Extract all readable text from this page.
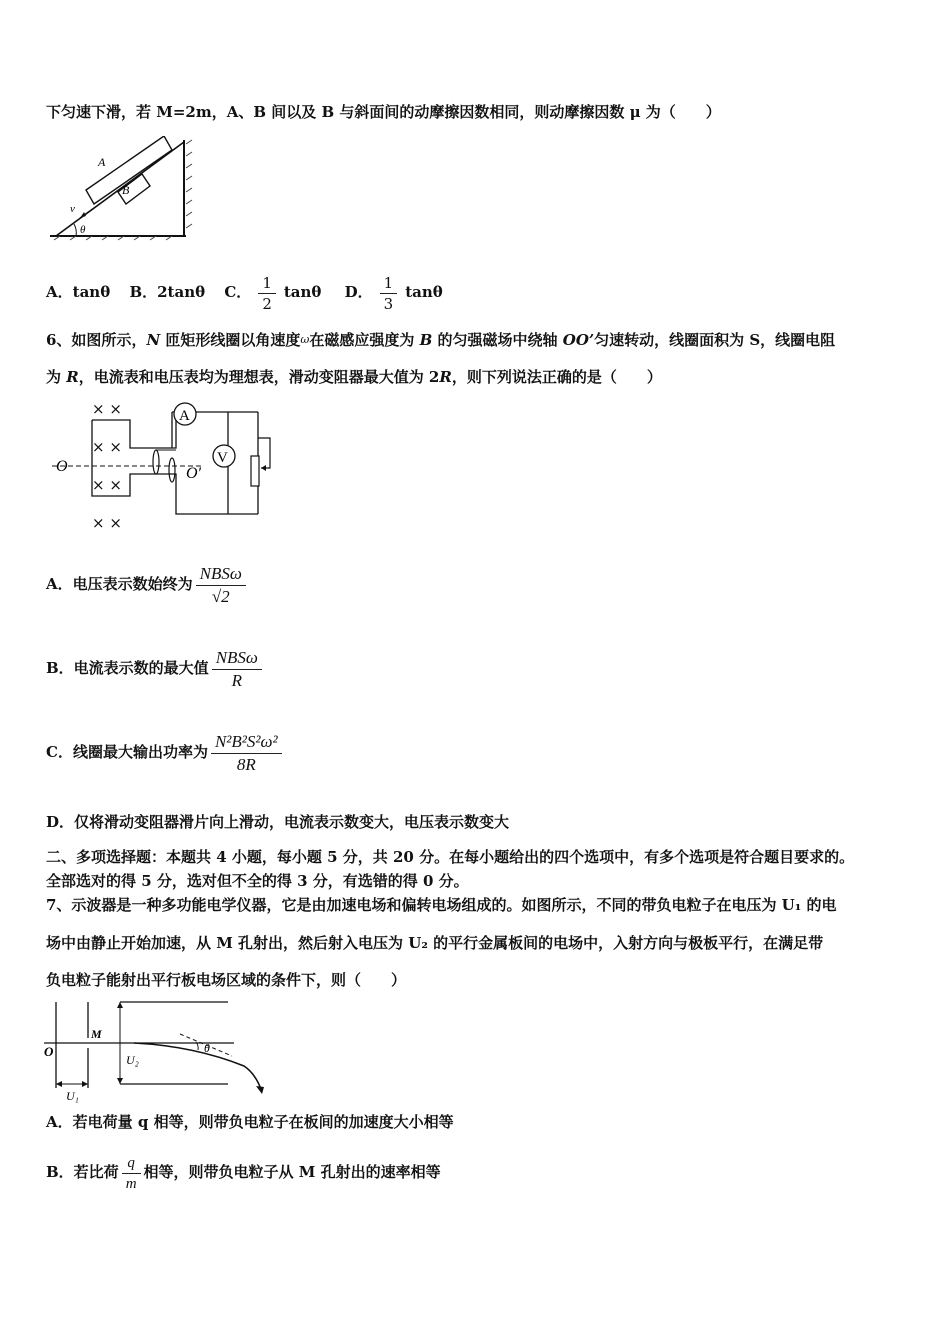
下匀速下滑，若 M=2m，A、B 间以及 B 与斜面间的动摩擦因数相同，则动摩擦因数 μ 为（　　）
A
B
v
θ
A．tanθ B．2tanθ C． $\frac{1}{2}$ tanθ D． $\frac{1}{3}$ tanθ
6、如图所示，N 匝矩形线圈以角速度$^\omega$在磁感应强度为 B 的匀强磁场中绕轴 OO’匀速转动，线圈面积为 S，线圈电阻
为 R，电流表和电压表均为理想表，滑动变阻器最大值为 2R，则下列说法正确的是（　　）
× ×
× ×
× ×
× ×
A
V
O	O′
A．电压表示数始终为 $\frac{\text{NBSω}}{√2}$
B．电流表示数的最大值 $\frac{\text{NBSω}}{R}$
C．线圈最大输出功率为 $\frac{\text{N²B²S²ω²}}{8R}$
D．仅将滑动变阻器滑片向上滑动，电流表示数变大，电压表示数变大
二、多项选择题：本题共 4 小题，每小题 5 分，共 20 分。在每小题给出的四个选项中，有多个选项是符合题目要求的。
全部选对的得 5 分，选对但不全的得 3 分，有选错的得 0 分。
7、示波器是一种多功能电学仪器，它是由加速电场和偏转电场组成的。如图所示，不同的带负电粒子在电压为 U₁ 的电
场中由静止开始加速，从 M 孔射出，然后射入电压为 U₂ 的平行金属板间的电场中，入射方向与极板平行，在满足带
负电粒子能射出平行板电场区域的条件下，则（　　）
O
M
U₁
U₂
θ
A．若电荷量 q 相等，则带负电粒子在板间的加速度大小相等
B．若比荷 $\frac{q}{m}$ 相等，则带负电粒子从 M 孔射出的速率相等
